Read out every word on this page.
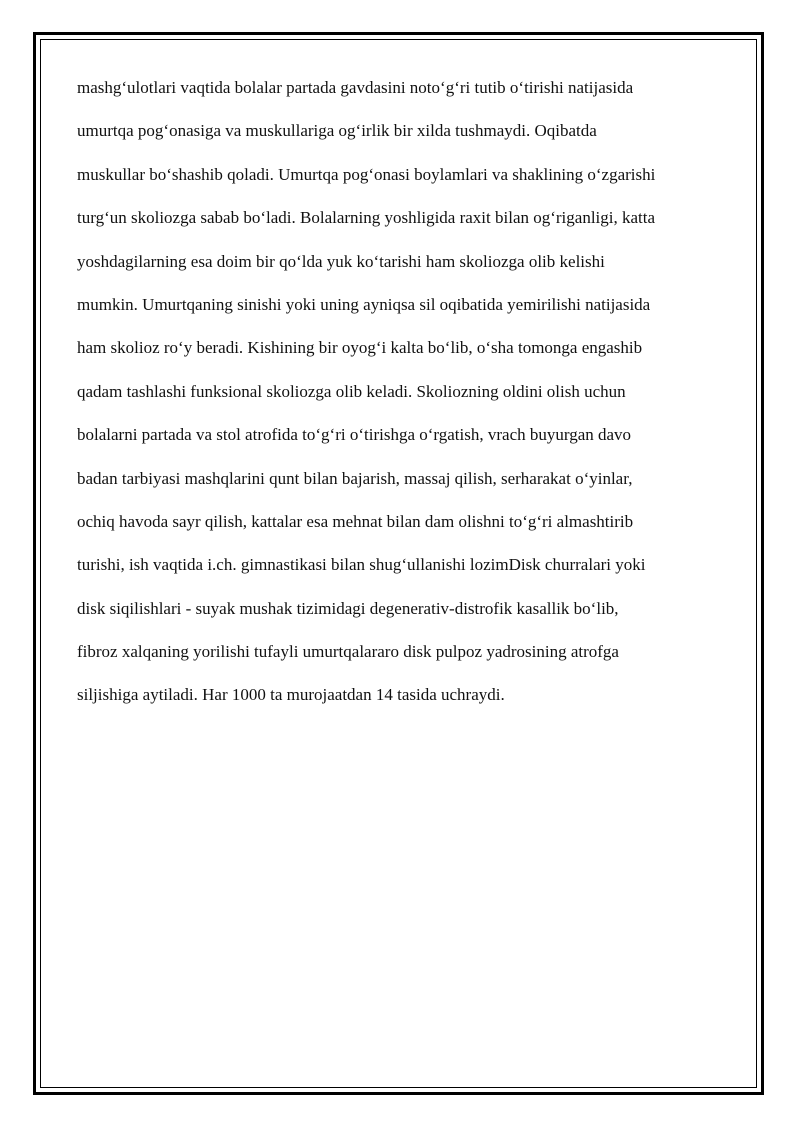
mashg‘ulotlari vaqtida bolalar partada gavdasini noto‘g‘ri tutib o‘tirishi natijasida
umurtqa pog‘onasiga va muskullariga og‘irlik bir xilda tushmaydi. Oqibatda
muskullar bo‘shashib qoladi. Umurtqa pog‘onasi boylamlari va shaklining o‘zgarishi
turg‘un skoliozga sabab bo‘ladi. Bolalarning yoshligida raxit bilan og‘riganligi, katta
yoshdagilarning esa doim bir qo‘lda yuk ko‘tarishi ham skoliozga olib kelishi
mumkin. Umurtqaning sinishi yoki uning ayniqsa sil oqibatida yemirilishi natijasida
ham skolioz ro‘y beradi. Kishining bir oyog‘i kalta bo‘lib, o‘sha tomonga engashib
qadam tashlashi funksional skoliozga olib keladi. Skoliozning oldini olish uchun
bolalarni partada va stol atrofida to‘g‘ri o‘tirishga o‘rgatish, vrach buyurgan davo
badan tarbiyasi mashqlarini qunt bilan bajarish, massaj qilish, serharakat o‘yinlar,
ochiq havoda sayr qilish, kattalar esa mehnat bilan dam olishni to‘g‘ri almashtirib
turishi, ish vaqtida i.ch. gimnastikasi bilan shug‘ullanishi lozimDisk churralari yoki
disk siqilishlari - suyak mushak tizimidagi degenerativ-distrofik kasallik bo‘lib,
fibroz xalqaning yorilishi tufayli umurtqalararo disk pulpoz yadrosining atrofga
siljishiga aytiladi. Har 1000 ta murojaatdan 14 tasida uchraydi.
